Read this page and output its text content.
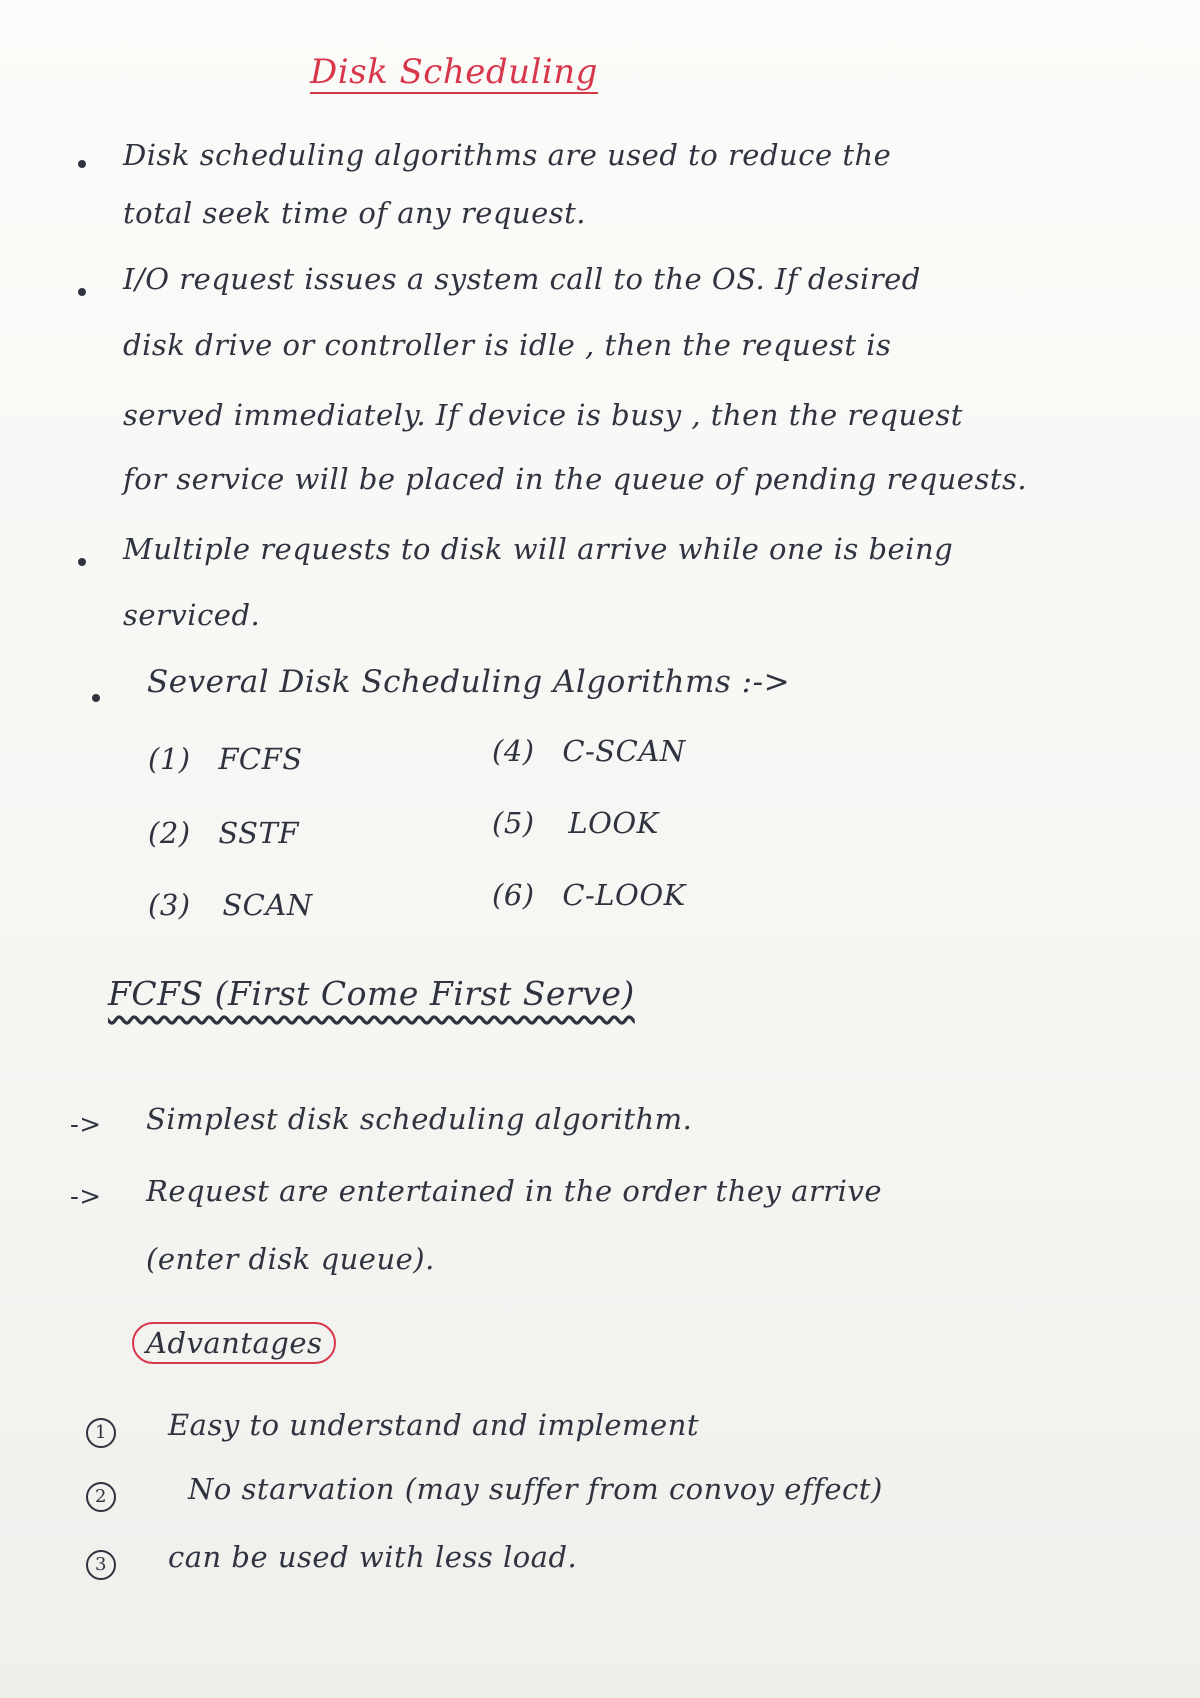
Disk Scheduling
Disk scheduling algorithms are used to reduce the
total seek time of any request.
I/O request issues a system call to the OS. If desired
disk drive or controller is idle , then the request is
served immediately. If device is busy , then the request
for service will be placed in the queue of pending requests.
Multiple requests to disk will arrive while one is being
serviced.
Several Disk Scheduling Algorithms :->
(1) FCFS
(2) SSTF
(3) SCAN
(4) C-SCAN
(5) LOOK
(6) C-LOOK
FCFS (First Come First Serve)
-> Simplest disk scheduling algorithm.
-> Request are entertained in the order they arrive
(enter disk queue).
Advantages
1	Easy to understand and implement
2	No starvation (may suffer from convoy effect)
3	can be used with less load.
